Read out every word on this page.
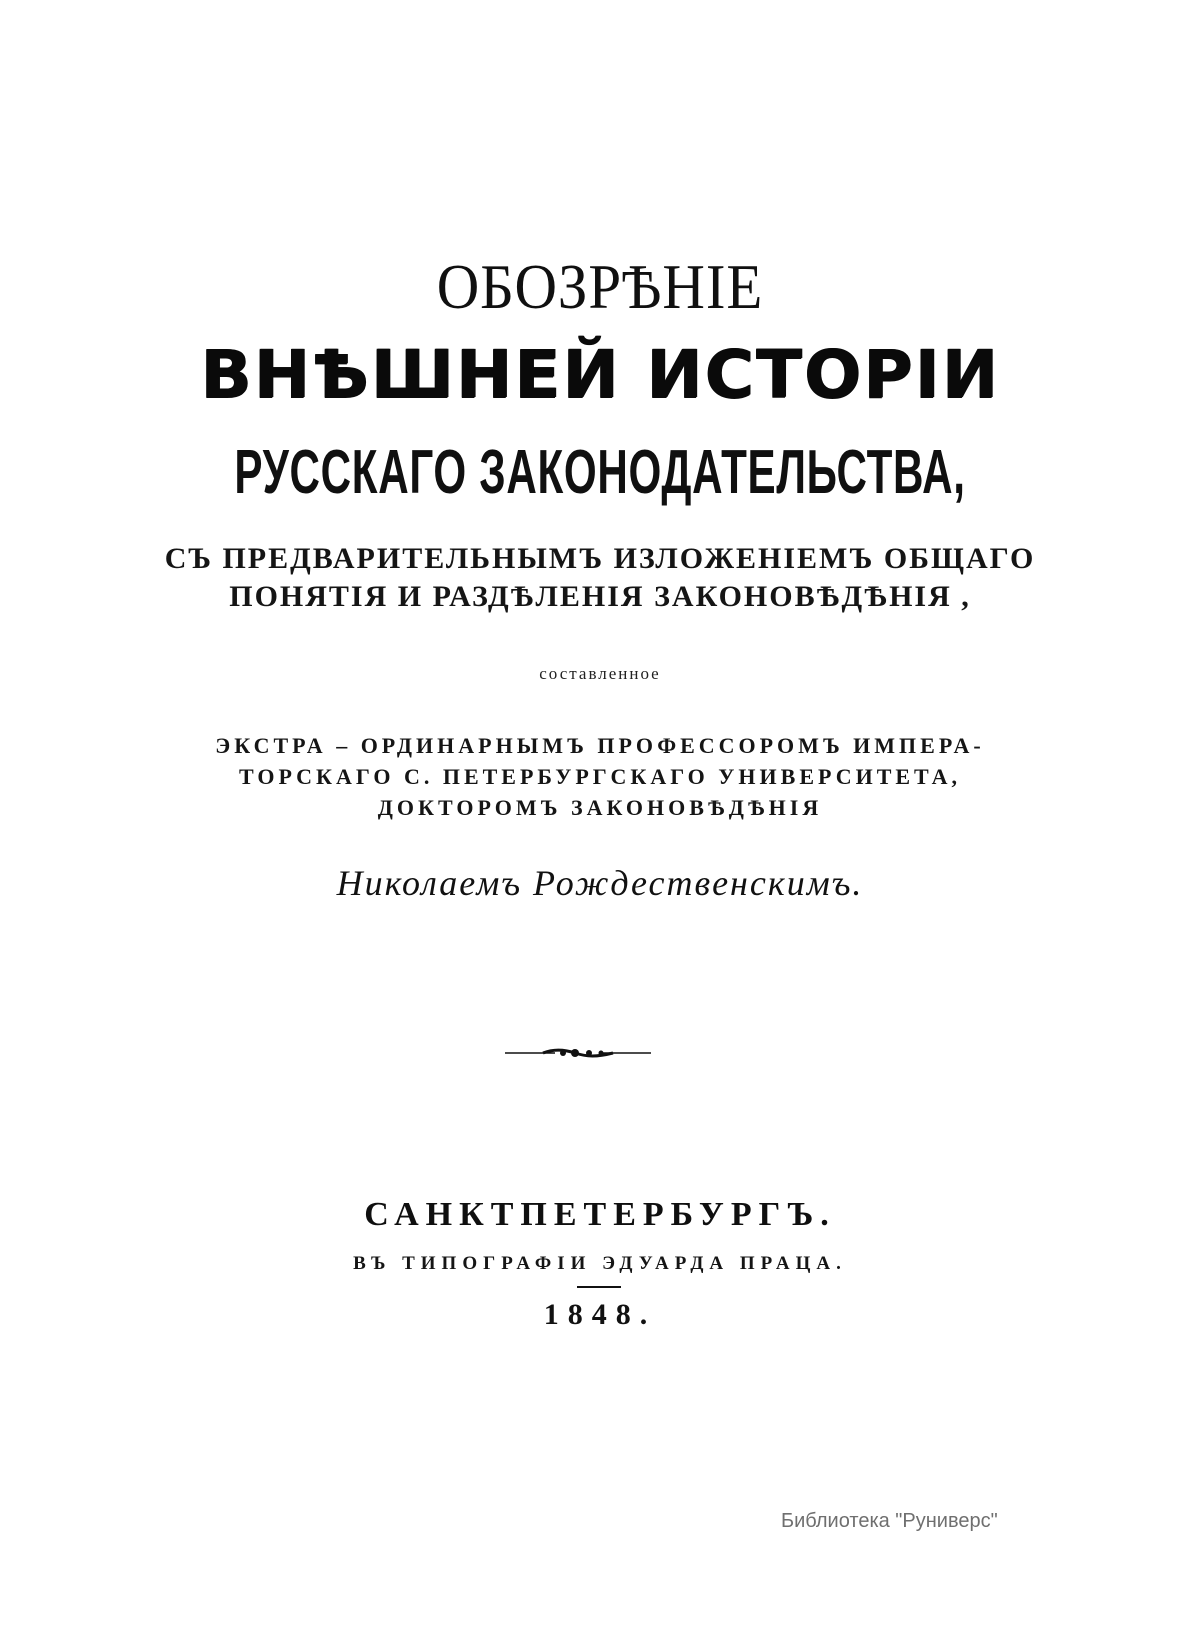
ОБОЗРѢНІЕ
ВНѢШНЕЙ ИСТОРІИ
РУССКАГО ЗАКОНОДАТЕЛЬСТВА,
СЪ ПРЕДВАРИТЕЛЬНЫМЪ ИЗЛОЖЕНІЕМЪ ОБЩАГО
ПОНЯТІЯ И РАЗДѢЛЕНІЯ ЗАКОНОВѢДѢНІЯ ,
составленное
ЭКСТРА – ОРДИНАРНЫМЪ ПРОФЕССОРОМЪ ИМПЕРА-
ТОРСКАГО С. ПЕТЕРБУРГСКАГО УНИВЕРСИТЕТА,
ДОКТОРОМЪ ЗАКОНОВѢДѢНІЯ
Николаемъ Рождественскимъ.
САНКТПЕТЕРБУРГЪ.
ВЪ ТИПОГРАФІИ ЭДУАРДА ПРАЦА.
1848.
Библиотека "Руниверс"
